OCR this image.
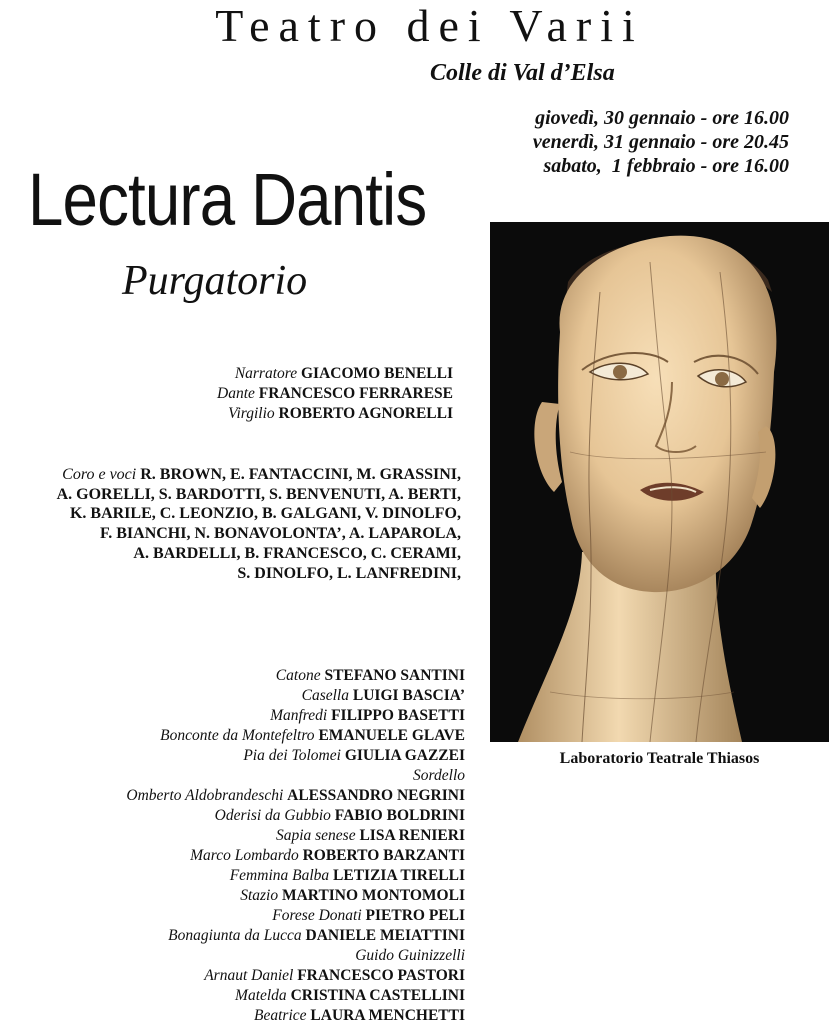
Teatro dei Varii
Colle di Val d’Elsa
giovedì, 30 gennaio - ore 16.00
venerdì, 31 gennaio - ore 20.45
sabato,  1 febbraio - ore 16.00
Lectura Dantis
Purgatorio
Narratore GIACOMO BENELLI
Dante FRANCESCO FERRARESE
Virgilio ROBERTO AGNORELLI
Coro e voci R. BROWN, E. FANTACCINI, M. GRASSINI,
A. GORELLI, S. BARDOTTI, S. BENVENUTI, A. BERTI,
K. BARILE, C. LEONZIO, B. GALGANI, V. DINOLFO,
F. BIANCHI, N. BONAVOLONTA’, A. LAPAROLA,
A. BARDELLI, B. FRANCESCO, C. CERAMI,
S. DINOLFO, L. LANFREDINI,
Catone STEFANO SANTINI
Casella LUIGI BASCIA’
Manfredi FILIPPO BASETTI
Bonconte da Montefeltro EMANUELE GLAVE
Pia dei Tolomei GIULIA GAZZEI
Sordello
Omberto Aldobrandeschi ALESSANDRO NEGRINI
Oderisi da Gubbio FABIO BOLDRINI
Sapia senese LISA RENIERI
Marco Lombardo ROBERTO BARZANTI
Femmina Balba LETIZIA TIRELLI
Stazio MARTINO MONTOMOLI
Forese Donati PIETRO PELI
Bonagiunta da Lucca DANIELE MEIATTINI
Guido Guinizzelli
Arnaut Daniel FRANCESCO PASTORI
Matelda CRISTINA CASTELLINI
Beatrice LAURA MENCHETTI
Laboratorio Teatrale Thiasos
